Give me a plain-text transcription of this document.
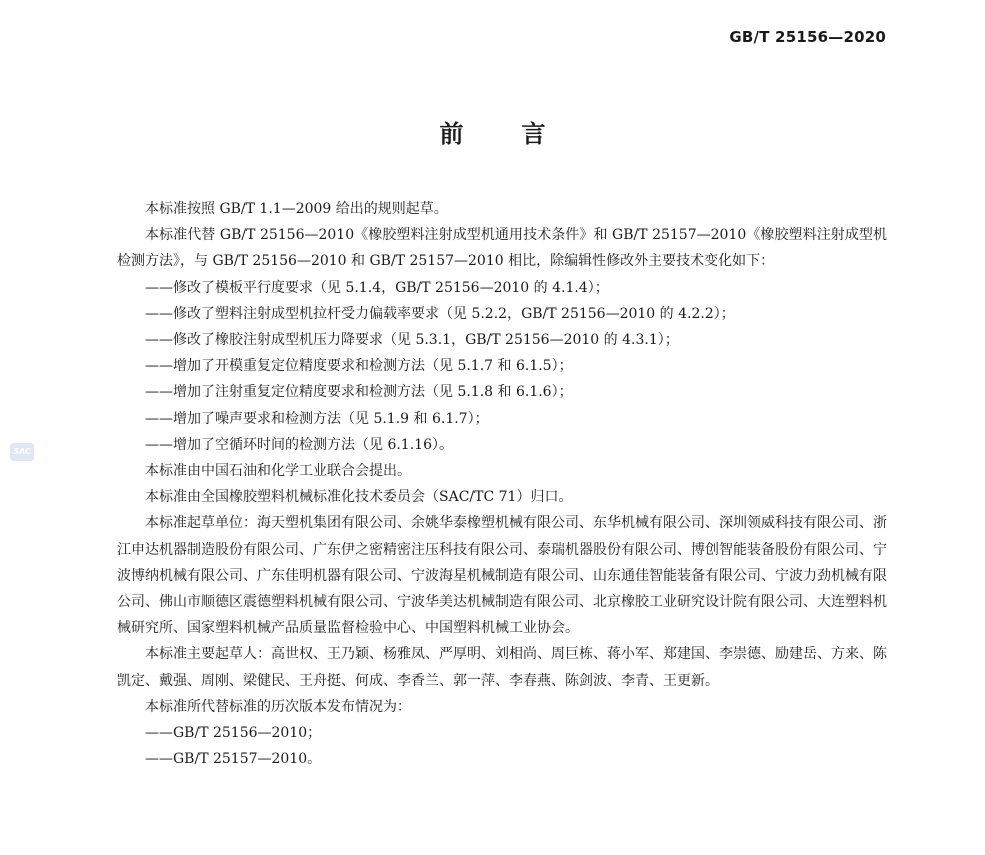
GB/T 25156—2020
前 言
SAC

本标准按照 GB/T 1.1—2009 给出的规则起草。

本标准代替 GB/T 25156—2010《橡胶塑料注射成型机通用技术条件》和 GB/T 25157—2010《橡胶塑料注射成型机检测方法》，与 GB/T 25156—2010 和 GB/T 25157—2010 相比，除编辑性修改外主要技术变化如下：

——修改了模板平行度要求（见 5.1.4，GB/T 25156—2010 的 4.1.4）；

——修改了塑料注射成型机拉杆受力偏载率要求（见 5.2.2，GB/T 25156—2010 的 4.2.2）；

——修改了橡胶注射成型机压力降要求（见 5.3.1，GB/T 25156—2010 的 4.3.1）；

——增加了开模重复定位精度要求和检测方法（见 5.1.7 和 6.1.5）；

——增加了注射重复定位精度要求和检测方法（见 5.1.8 和 6.1.6）；

——增加了噪声要求和检测方法（见 5.1.9 和 6.1.7）；

——增加了空循环时间的检测方法（见 6.1.16）。

本标准由中国石油和化学工业联合会提出。

本标准由全国橡胶塑料机械标准化技术委员会（SAC/TC 71）归口。

本标准起草单位：海天塑机集团有限公司、余姚华泰橡塑机械有限公司、东华机械有限公司、深圳领威科技有限公司、浙江申达机器制造股份有限公司、广东伊之密精密注压科技有限公司、泰瑞机器股份有限公司、博创智能装备股份有限公司、宁波博纳机械有限公司、广东佳明机器有限公司、宁波海星机械制造有限公司、山东通佳智能装备有限公司、宁波力劲机械有限公司、佛山市顺德区震德塑料机械有限公司、宁波华美达机械制造有限公司、北京橡胶工业研究设计院有限公司、大连塑料机械研究所、国家塑料机械产品质量监督检验中心、中国塑料机械工业协会。

本标准主要起草人：高世权、王乃颖、杨雅凤、严厚明、刘相尚、周巨栋、蒋小军、郑建国、李崇德、励建岳、方来、陈凯定、戴强、周刚、梁健民、王舟挺、何成、李香兰、郭一萍、李春燕、陈剑波、李青、王更新。

本标准所代替标准的历次版本发布情况为：

——GB/T 25156—2010；

——GB/T 25157—2010。
